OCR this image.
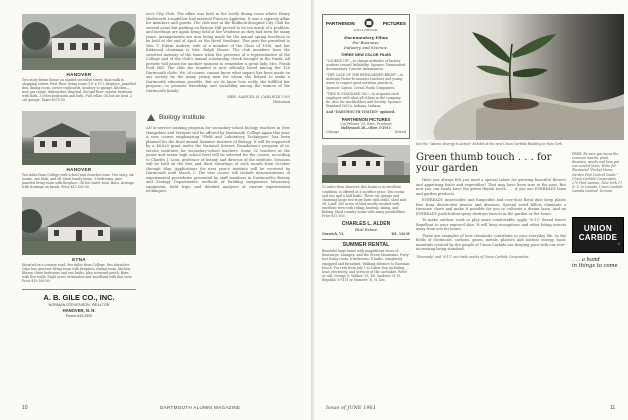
HANOVER

Two story frame house on shaded secluded street, dual walk to shopping center. First floor: living room (18' x 13'), fireplace, panelled den, dining room, corner cupboards, lavatory to garage. Kitchen—new gas range, dishwasher, disposal. Second floor: master bedroom with bath, 3 other bedrooms and bath. Full cellar. Oil hot air heat, 2 car garage. Taxes $575.00.

HANOVER

Ten miles from College with school and churches near. Two story, six rooms, one bath, and ell. Ideal family home, 3 bedrooms, pine paneled living room with fireplace. Oil hot water heat. Barn. Acreage with frontage on brook. Price $12,500.00.

ETNA

Situated on a country road, five miles from College, this attractive Cape has gracious living room with fireplace, dining room, kitchen, library, three bedrooms and two baths, plus screened porch. Barn with box stalls. Eight acres of meadow and woodland with fine view. Price $19,500.00.

A. B. GILE CO., INC.

NORMAN STEVENSON, REALTOR

HANOVER, N. H.

Phone 643-2900

ers's City Club. The affair was held in the lovely dining room where Henry Wadsworth Longfellow had married Frances Appleton. It was a capacity affair for members and guests. The club met in the Bulfinch-designed City Club for several years but parking on Beacon Hill proved to be too much of a problem, and meetings are again being held at the Vendome as they had been for many years. Arrangements are now being made for the annual spring luncheon to be held at the end of April, at the Hotel Vendome. This year the president is Mrs. T. Edwin Andrew, wife of a member of the Class of 1936, and her Kirkwood chairman is Mrs. Ralph Moore. The club members have the sweetest memory of the times when the presence of a representative of the College and of the club's annual scholarship check brought in the funds. All present will pause for another moment to remember a great lady, Mrs. Frank Ford Hill. The club she founded is now officially listed among the 126 Dartmouth clubs. We, of course, cannot know what impact has been made on our society by the many young men for whom she helped to make a Dartmouth education possible. But we do know how richly she fulfilled her purpose—'to promote friendship and sociability among the women of the Dartmouth family.'

MRS. SAMUEL R. CARLISLE ('30)

Historian

Biology Institute

AN in-service training program for secondary-school biology teachers in New Hampshire and Vermont will be offered by Dartmouth College again this year. A new course emphasizing "Field and Laboratory Techniques" has been planned for the third annual Summer Institute of Biology. It will be supported by a $4,620 grant under the National Science Foundation's program of in-service institutes for secondary-school teachers. Some 32 teachers at the junior and senior high school level will be selected for the course, according to Charles J. Lyon, professor of botany and director of the institute. Sessions will be held on the first and third Saturdays of each month from October through May. Applications for next year's institute will be received by Dartmouth until March 1. The new course will include demonstrations of experimental procedures presented by staff members in Dartmouth's Botany and Zoology Departments, methods of building inexpensive laboratory equipment, field trips, and detailed analyses of current experimental techniques.

10	DARTMOUTH ALUMNI MAGAZINE
PARTHENON	PICTURES

HOLLYWOOD

Documentary Films

For Business,

Industry and Science.

THREE NEW COLOR FILMS

"LOOKED UP"—to change attitudes of factory workers toward Reliability. Sponsor: Dismounted documentary. Convair-Astronautics.

"THE CASE OF THE BEWILDERED BRIDE"—to motivate Home-Economics teachers and young wives to respect good nutrition practices. Sponsor: Lipton. Cereal Foods Companies.

"THIS IS STANDARD OIL"—to acquaint each employee with what all others in the company do. Also for stockholders and Society. Sponsor: Standard Oil Co. Indiana, Indiana.

And "DARTMOUTH VISITED" updated.

PARTHENON PICTURES

Coy Pelsner '29, Exec. Producer

Hollywood 28—Olive 3-2911

Chicago	Detroit

12 miles from Hanover, this house is in excellent condition, is offered at a sacrifice price. Ten rooms and two and a half baths. Three car garage and charming large two-story barn with stalls, shed and ell. Land: 180 acres of land mostly wooded with excellent view with riding, hunting, skiing, and fishing. Ideal country home with many possibilities. Price $15,500.

CHARLES L. ALDEN

Real Estate

Norwich, Vt.	Tel. 342-W

SUMMER RENTAL

Beautiful large home with magnificent views of Kearsarge, Sunapee, and the Green Mountains. Forty-foot living room, 6 bedrooms, 4 baths, completely equipped and furnished. Walking distance to Eastman beach. For rent from July 1 to Labor Day including, heat, electricity, and services of the caretaker. Write or call: George S. Walker '25, Tel. Andover, N. H. Republic 5-9111 or Hanover, N. H. Sec.

See the "Atomic Energy in Action" Exhibit at the new Union Carbide Building in New York

Green thumb touch . . . for your garden

Have you always felt you need a special talent for growing beautiful flowers and appetizing fruits and vegetables? That may have been true in the past. But now you can easily have the green thumb touch . . . if you use EVEREADY lawn and garden products.

EVEREADY insecticides and fungicides and rose-dust floral dust keep plants free from destructive insects and diseases. Special weed killers eliminate a tiresome chore and make it possible for you to cultivate a dream lawn. And an EVEREADY push-button spray destroys insects in the garden or the home.

To make outdoor work or play more comfortable, apply "6-12" Brand Insect Repellent to your exposed skin. It will keep mosquitoes and other biting insects away from you for hours.

These are examples of how chemicals contribute to your everyday life. In the fields of chemicals, carbons, gases, metals, plastics and nuclear energy, basic materials created by the people of Union Carbide are keeping pace with our ever-increasing living standard.

"Eveready" and "6-12" are trade marks of Union Carbide Corporation.

FREE: Be sure you know the common insects, plant diseases, weeds and how you can control them. Write for illustrated "Pocket Home Garden Pest Control Guide." Union Carbide Corporation, 270 Park Avenue, New York 17, N. Y. In Canada, Union Carbide Canada Limited, Toronto.

UNION
CARBIDE
®

. . . a hand

in things to come

Issue of JUNE 1961	11
